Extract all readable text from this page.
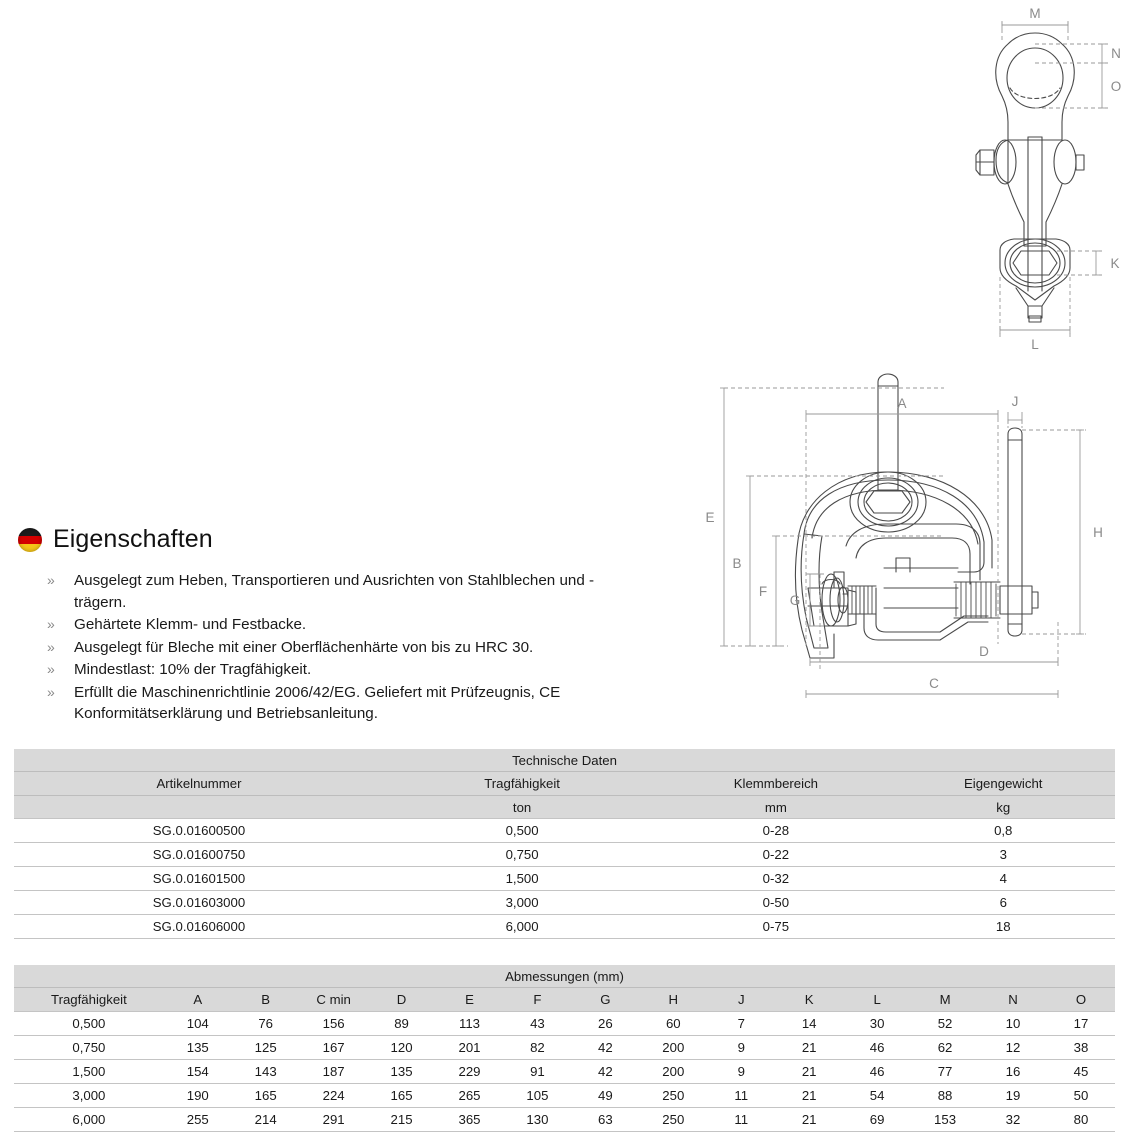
M
N
O
K
L
E
B
F
A
G
D
C
J
H
Eigenschaften
» Ausgelegt zum Heben, Transportieren und Ausrichten von Stahlblechen und -trägern.
» Gehärtete Klemm- und Festbacke.
» Ausgelegt für Bleche mit einer Oberflächenhärte von bis zu HRC 30.
» Mindestlast: 10% der Tragfähigkeit.
» Erfüllt die Maschinenrichtlinie 2006/42/EG. Geliefert mit Prüfzeugnis, CE Konformitätserklärung und Betriebsanleitung.
Technische Daten			
Artikelnummer	Tragfähigkeit	Klemmbereich	Eigengewicht
	ton	mm	kg
SG.0.01600500	0,500	0-28	0,8
SG.0.01600750	0,750	0-22	3
SG.0.01601500	1,500	0-32	4
SG.0.01603000	3,000	0-50	6
SG.0.01606000	6,000	0-75	18
Abmessungen (mm)														
Tragfähigkeit	A	B	C min	D	E	F	G	H	J	K	L	M	N	O
0,500	104	76	156	89	113	43	26	60	7	14	30	52	10	17
0,750	135	125	167	120	201	82	42	200	9	21	46	62	12	38
1,500	154	143	187	135	229	91	42	200	9	21	46	77	16	45
3,000	190	165	224	165	265	105	49	250	11	21	54	88	19	50
6,000	255	214	291	215	365	130	63	250	11	21	69	153	32	80
